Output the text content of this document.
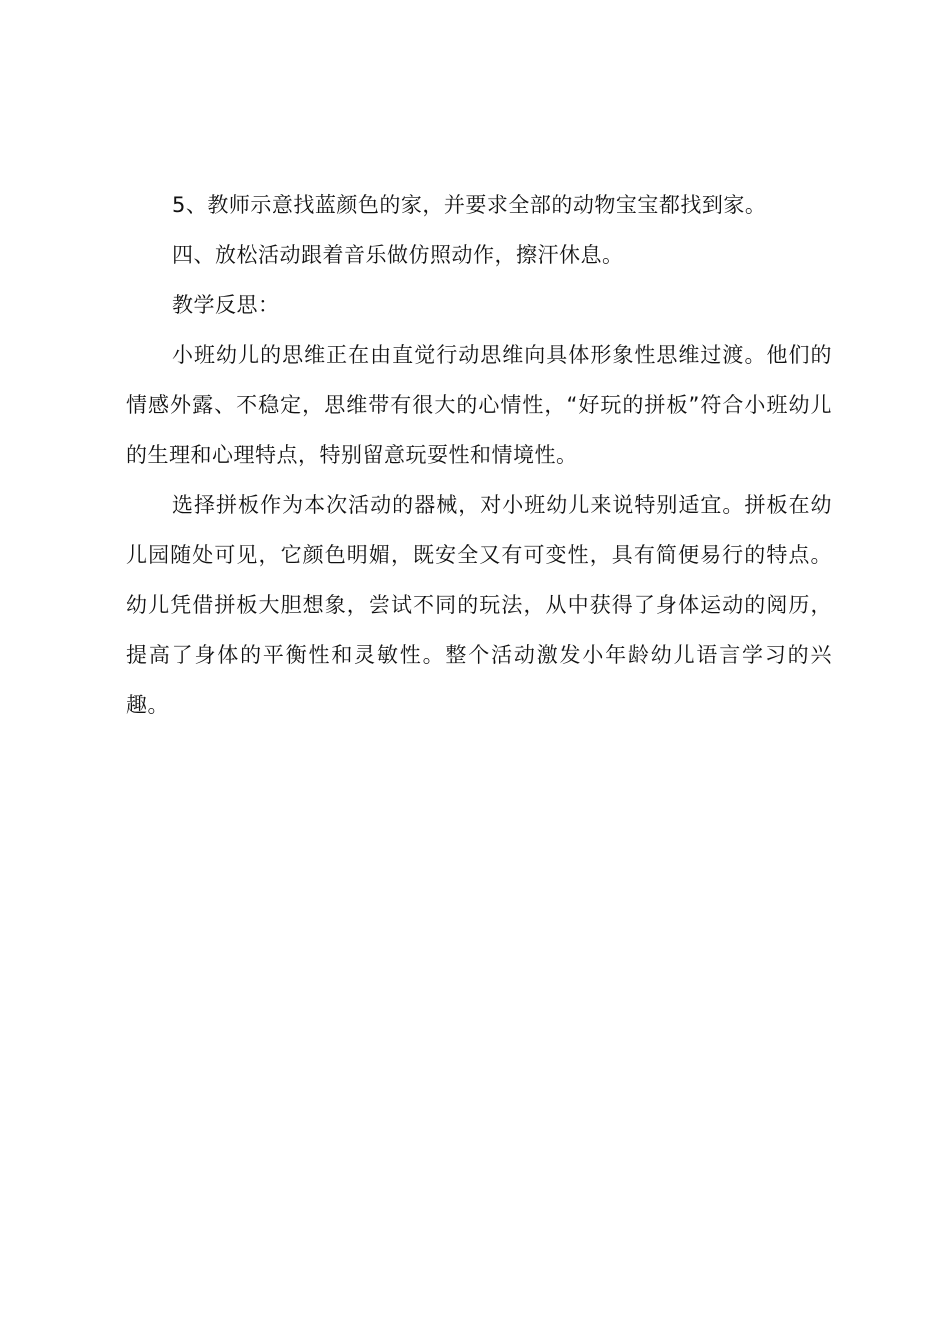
5、教师示意找蓝颜色的家，并要求全部的动物宝宝都找到家。

四、放松活动跟着音乐做仿照动作，擦汗休息。

教学反思：

小班幼儿的思维正在由直觉行动思维向具体形象性思维过渡。他们的情感外露、不稳定，思维带有很大的心情性，“好玩的拼板”符合小班幼儿的生理和心理特点，特别留意玩耍性和情境性。

选择拼板作为本次活动的器械，对小班幼儿来说特别适宜。拼板在幼儿园随处可见，它颜色明媚，既安全又有可变性，具有简便易行的特点。幼儿凭借拼板大胆想象，尝试不同的玩法，从中获得了身体运动的阅历，提高了身体的平衡性和灵敏性。整个活动激发小年龄幼儿语言学习的兴趣。
